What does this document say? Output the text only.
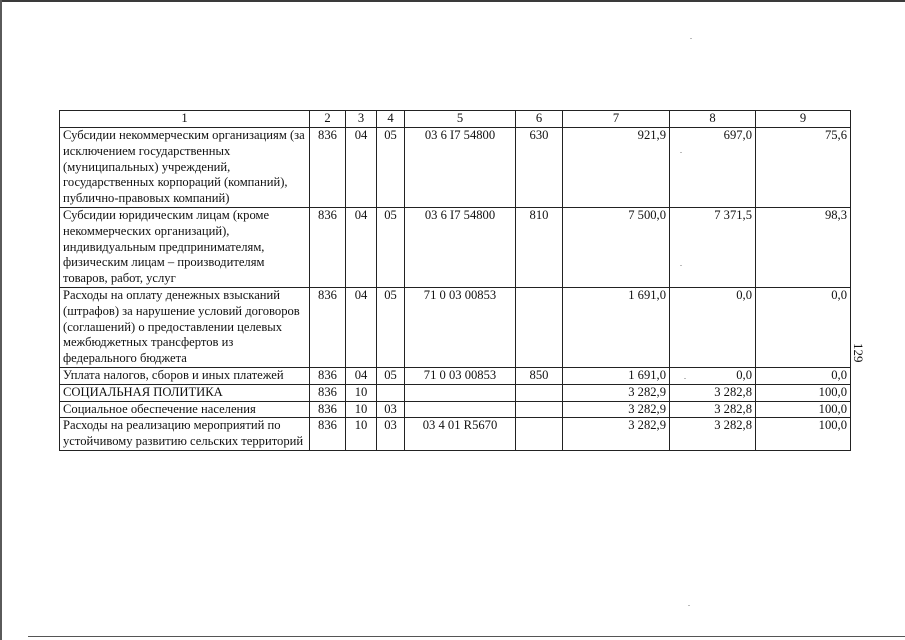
1	2	3	4	5	6	7	8	9
Субсидии некоммерческим организациям (за исключением государственных (муниципальных) учреждений, государственных корпораций (компаний), публично-правовых компаний)	836	04	05	03 6 I7 54800	630	921,9	697,0	75,6
Субсидии юридическим лицам (кроме некоммерческих организаций), индивидуальным предпринимателям, физическим лицам – производителям товаров, работ, услуг	836	04	05	03 6 I7 54800	810	7 500,0	7 371,5	98,3
Расходы на оплату денежных взысканий (штрафов) за нарушение условий договоров (соглашений) о предоставлении целевых межбюджетных трансфертов из федерального бюджета	836	04	05	71 0 03 00853		1 691,0	0,0	0,0
Уплата налогов, сборов и иных платежей	836	04	05	71 0 03 00853	850	1 691,0	0,0	0,0
СОЦИАЛЬНАЯ ПОЛИТИКА	836	10				3 282,9	3 282,8	100,0
Социальное обеспечение населения	836	10	03			3 282,9	3 282,8	100,0
Расходы на реализацию мероприятий по устойчивому развитию сельских территорий	836	10	03	03 4 01 R5670		3 282,9	3 282,8	100,0
129
